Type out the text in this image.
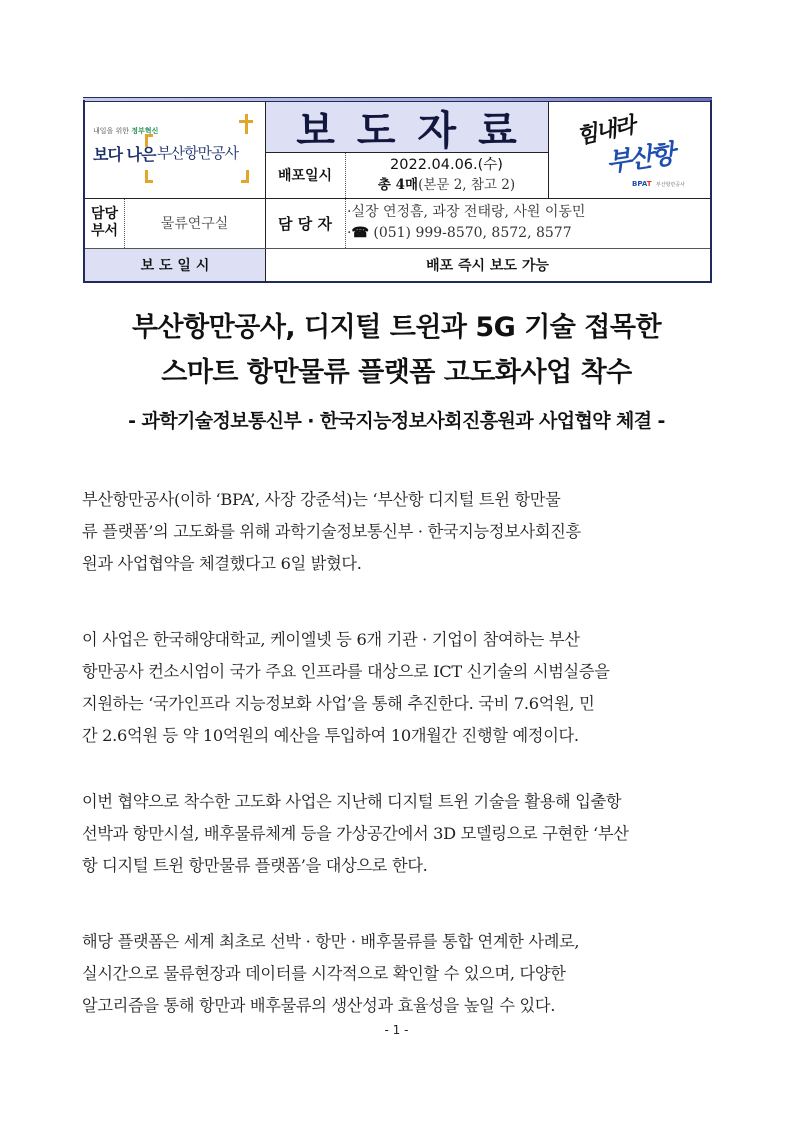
내일을 위한 정부혁신
보다 나은 부산항만공사	보도자료
배포일시
2022.04.06.(수)
총 4매(본문 2, 참고 2)
힘내라
부산항
BPAT 부산항만공사
담당부서	물류연구실	담 당 자
·실장 연정흠, 과장 전태랑, 사원 이동민
·☎ (051) 999-8570, 8572, 8577
보 도 일 시	배포 즉시 보도 가능
부산항만공사, 디지털 트윈과 5G 기술 접목한
스마트 항만물류 플랫폼 고도화사업 착수
- 과학기술정보통신부 · 한국지능정보사회진흥원과 사업협약 체결 -
부산항만공사(이하 ‘BPA’, 사장 강준석)는 ‘부산항 디지털 트윈 항만물
류 플랫폼’의 고도화를 위해 과학기술정보통신부 · 한국지능정보사회진흥
원과 사업협약을 체결했다고 6일 밝혔다.
이 사업은 한국해양대학교, 케이엘넷 등 6개 기관 · 기업이 참여하는 부산
항만공사 컨소시엄이 국가 주요 인프라를 대상으로 ICT 신기술의 시범실증을
지원하는 ‘국가인프라 지능정보화 사업’을 통해 추진한다. 국비 7.6억원, 민
간 2.6억원 등 약 10억원의 예산을 투입하여 10개월간 진행할 예정이다.
이번 협약으로 착수한 고도화 사업은 지난해 디지털 트윈 기술을 활용해 입출항
선박과 항만시설, 배후물류체계 등을 가상공간에서 3D 모델링으로 구현한 ‘부산
항 디지털 트윈 항만물류 플랫폼’을 대상으로 한다.
해당 플랫폼은 세계 최초로 선박 · 항만 · 배후물류를 통합 연계한 사례로,
실시간으로 물류현장과 데이터를 시각적으로 확인할 수 있으며, 다양한
알고리즘을 통해 항만과 배후물류의 생산성과 효율성을 높일 수 있다.
- 1 -
